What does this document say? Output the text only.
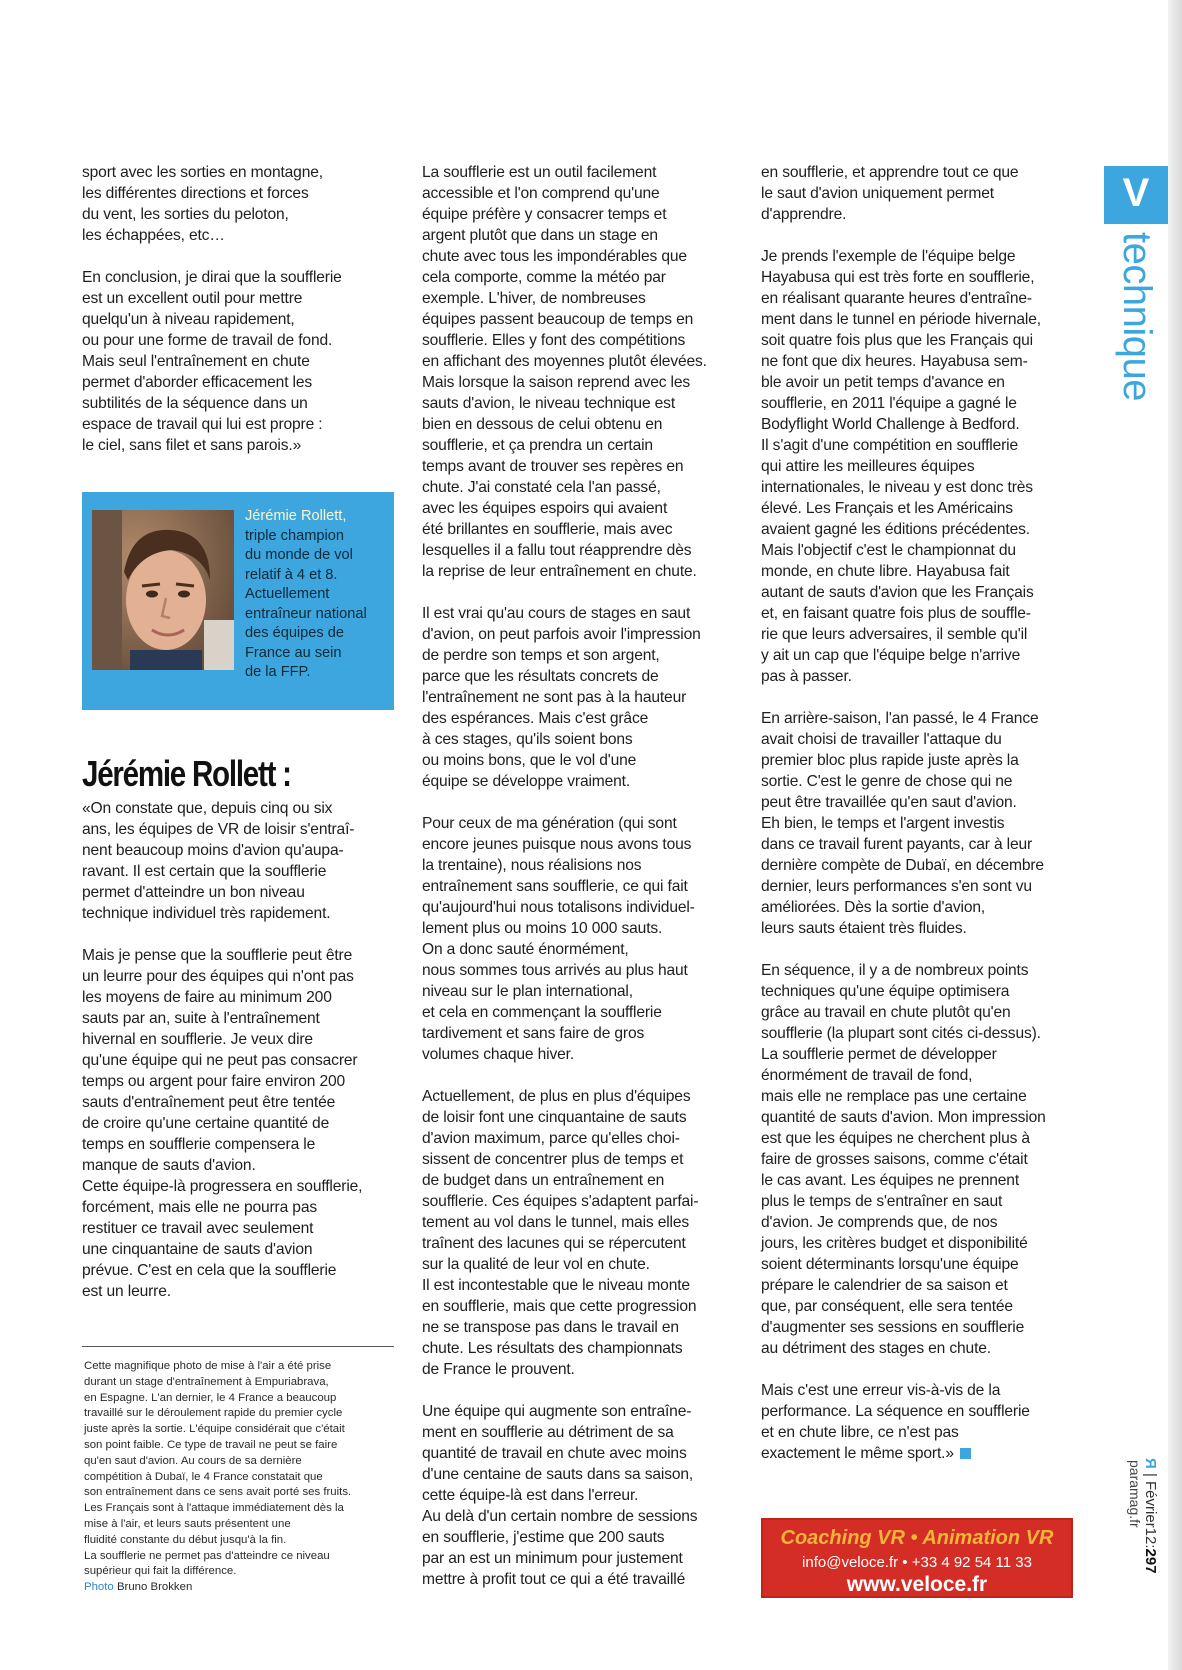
sport avec les sorties en montagne,
les différentes directions et forces
du vent, les sorties du peloton,
les échappées, etc…

En conclusion, je dirai que la soufflerie
est un excellent outil pour mettre
quelqu'un à niveau rapidement,
ou pour une forme de travail de fond.
Mais seul l'entraînement en chute
permet d'aborder efficacement les
subtilités de la séquence dans un
espace de travail qui lui est propre :
le ciel, sans filet et sans parois.»

Jérémie Rollett,
triple champion
du monde de vol
relatif à 4 et 8.
Actuellement
entraîneur national
des équipes de
France au sein
de la FFP.
Jérémie Rollett :

«On constate que, depuis cinq ou six
ans, les équipes de VR de loisir s'entraî-
nent beaucoup moins d'avion qu'aupa-
ravant. Il est certain que la soufflerie
permet d'atteindre un bon niveau
technique individuel très rapidement.

Mais je pense que la soufflerie peut être
un leurre pour des équipes qui n'ont pas
les moyens de faire au minimum 200
sauts par an, suite à l'entraînement
hivernal en soufflerie. Je veux dire
qu'une équipe qui ne peut pas consacrer
temps ou argent pour faire environ 200
sauts d'entraînement peut être tentée
de croire qu'une certaine quantité de
temps en soufflerie compensera le
manque de sauts d'avion.
Cette équipe-là progressera en soufflerie,
forcément, mais elle ne pourra pas
restituer ce travail avec seulement
une cinquantaine de sauts d'avion
prévue. C'est en cela que la soufflerie
est un leurre.

Cette magnifique photo de mise à l'air a été prise
durant un stage d'entraînement à Empuriabrava,
en Espagne. L'an dernier, le 4 France a beaucoup
travaillé sur le déroulement rapide du premier cycle
juste après la sortie. L'équipe considérait que c'était
son point faible. Ce type de travail ne peut se faire
qu'en saut d'avion. Au cours de sa dernière
compétition à Dubaï, le 4 France constatait que
son entraînement dans ce sens avait porté ses fruits.
Les Français sont à l'attaque immédiatement dès la
mise à l'air, et leurs sauts présentent une
fluidité constante du début jusqu'à la fin.
La soufflerie ne permet pas d'atteindre ce niveau
supérieur qui fait la différence.
Photo Bruno Brokken

La soufflerie est un outil facilement
accessible et l'on comprend qu'une
équipe préfère y consacrer temps et
argent plutôt que dans un stage en
chute avec tous les impondérables que
cela comporte, comme la météo par
exemple. L'hiver, de nombreuses
équipes passent beaucoup de temps en
soufflerie. Elles y font des compétitions
en affichant des moyennes plutôt élevées.
Mais lorsque la saison reprend avec les
sauts d'avion, le niveau technique est
bien en dessous de celui obtenu en
soufflerie, et ça prendra un certain
temps avant de trouver ses repères en
chute. J'ai constaté cela l'an passé,
avec les équipes espoirs qui avaient
été brillantes en soufflerie, mais avec
lesquelles il a fallu tout réapprendre dès
la reprise de leur entraînement en chute.

Il est vrai qu'au cours de stages en saut
d'avion, on peut parfois avoir l'impression
de perdre son temps et son argent,
parce que les résultats concrets de
l'entraînement ne sont pas à la hauteur
des espérances. Mais c'est grâce
à ces stages, qu'ils soient bons
ou moins bons, que le vol d'une
équipe se développe vraiment.

Pour ceux de ma génération (qui sont
encore jeunes puisque nous avons tous
la trentaine), nous réalisions nos
entraînement sans soufflerie, ce qui fait
qu'aujourd'hui nous totalisons individuel-
lement plus ou moins 10 000 sauts.
On a donc sauté énormément,
nous sommes tous arrivés au plus haut
niveau sur le plan international,
et cela en commençant la soufflerie
tardivement et sans faire de gros
volumes chaque hiver.

Actuellement, de plus en plus d'équipes
de loisir font une cinquantaine de sauts
d'avion maximum, parce qu'elles choi-
sissent de concentrer plus de temps et
de budget dans un entraînement en
soufflerie. Ces équipes s'adaptent parfai-
tement au vol dans le tunnel, mais elles
traînent des lacunes qui se répercutent
sur la qualité de leur vol en chute.
Il est incontestable que le niveau monte
en soufflerie, mais que cette progression
ne se transpose pas dans le travail en
chute. Les résultats des championnats
de France le prouvent.

Une équipe qui augmente son entraîne-
ment en soufflerie au détriment de sa
quantité de travail en chute avec moins
d'une centaine de sauts dans sa saison,
cette équipe-là est dans l'erreur.
Au delà d'un certain nombre de sessions
en soufflerie, j'estime que 200 sauts
par an est un minimum pour justement
mettre à profit tout ce qui a été travaillé

en soufflerie, et apprendre tout ce que
le saut d'avion uniquement permet
d'apprendre.

Je prends l'exemple de l'équipe belge
Hayabusa qui est très forte en soufflerie,
en réalisant quarante heures d'entraîne-
ment dans le tunnel en période hivernale,
soit quatre fois plus que les Français qui
ne font que dix heures. Hayabusa sem-
ble avoir un petit temps d'avance en
soufflerie, en 2011 l'équipe a gagné le
Bodyflight World Challenge à Bedford.
Il s'agit d'une compétition en soufflerie
qui attire les meilleures équipes
internationales, le niveau y est donc très
élevé. Les Français et les Américains
avaient gagné les éditions précédentes.
Mais l'objectif c'est le championnat du
monde, en chute libre. Hayabusa fait
autant de sauts d'avion que les Français
et, en faisant quatre fois plus de souffle-
rie que leurs adversaires, il semble qu'il
y ait un cap que l'équipe belge n'arrive
pas à passer.

En arrière-saison, l'an passé, le 4 France
avait choisi de travailler l'attaque du
premier bloc plus rapide juste après la
sortie. C'est le genre de chose qui ne
peut être travaillée qu'en saut d'avion.
Eh bien, le temps et l'argent investis
dans ce travail furent payants, car à leur
dernière compète de Dubaï, en décembre
dernier, leurs performances s'en sont vu
améliorées. Dès la sortie d'avion,
leurs sauts étaient très fluides.

En séquence, il y a de nombreux points
techniques qu'une équipe optimisera
grâce au travail en chute plutôt qu'en
soufflerie (la plupart sont cités ci-dessus).
La soufflerie permet de développer
énormément de travail de fond,
mais elle ne remplace pas une certaine
quantité de sauts d'avion. Mon impression
est que les équipes ne cherchent plus à
faire de grosses saisons, comme c'était
le cas avant. Les équipes ne prennent
plus le temps de s'entraîner en saut
d'avion. Je comprends que, de nos
jours, les critères budget et disponibilité
soient déterminants lorsqu'une équipe
prépare le calendrier de sa saison et
que, par conséquent, elle sera tentée
d'augmenter ses sessions en soufflerie
au détriment des stages en chute.

Mais c'est une erreur vis-à-vis de la
performance. La séquence en soufflerie
et en chute libre, ce n'est pas
exactement le même sport.»

V
technique
Я | Février12:297
paramag.fr
Coaching VR • Animation VR
info@veloce.fr • +33 4 92 54 11 33
www.veloce.fr
